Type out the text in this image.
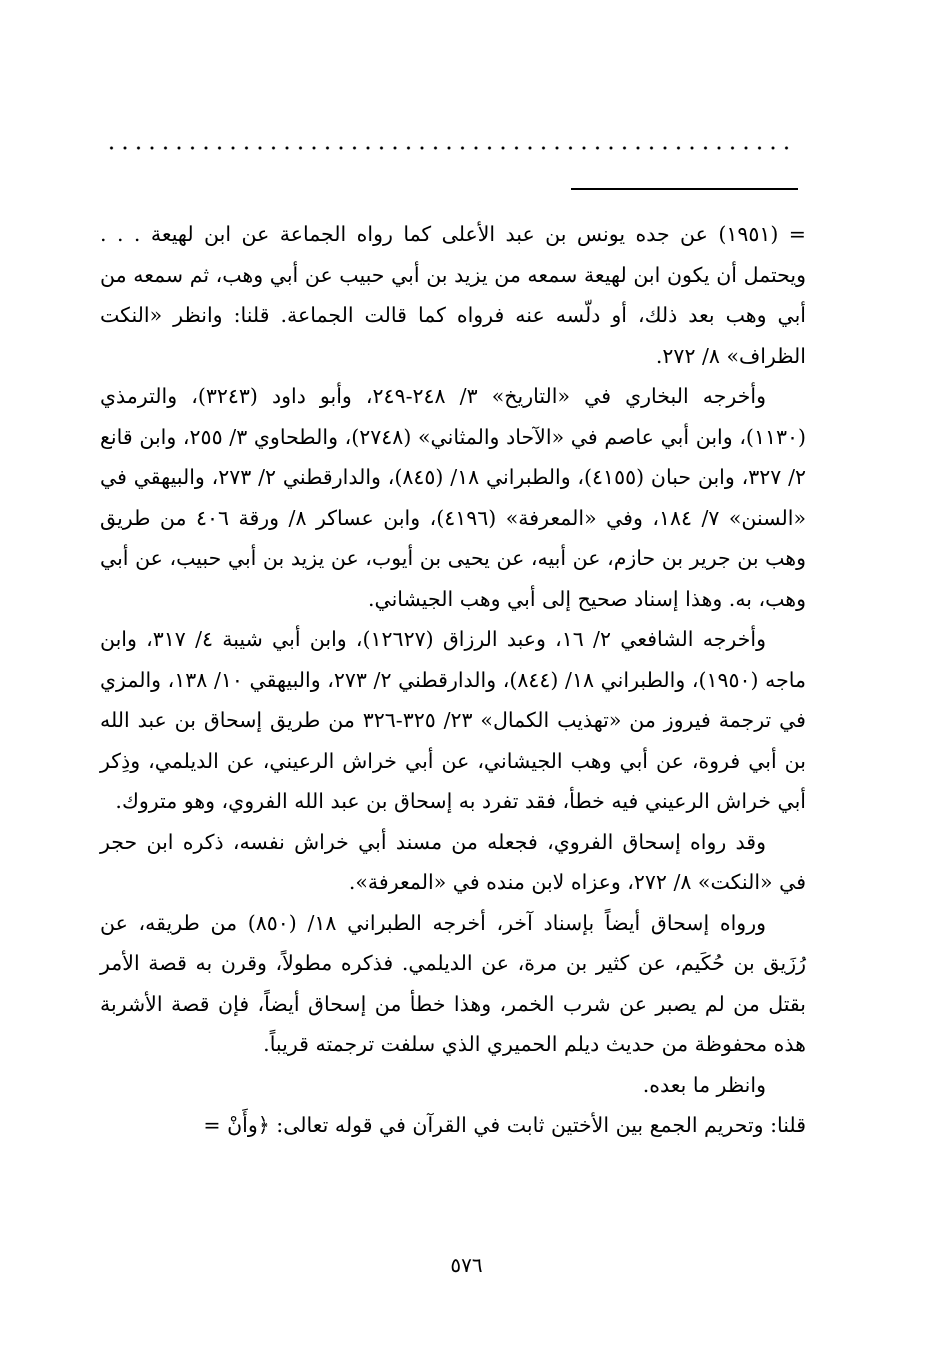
= (١٩٥١) عن جده يونس بن عبد الأعلى كما رواه الجماعة عن ابن لهيعة . . . ويحتمل أن يكون ابن لهيعة سمعه من يزيد بن أبي حبيب عن أبي وهب، ثم سمعه من أبي وهب بعد ذلك، أو دلّسه عنه فرواه كما قالت الجماعة. قلنا: وانظر «النكت الظراف» ٨/ ٢٧٢.

وأخرجه البخاري في «التاريخ» ٣/ ٢٤٨-٢٤٩، وأبو داود (٣٢٤٣)، والترمذي (١١٣٠)، وابن أبي عاصم في «الآحاد والمثاني» (٢٧٤٨)، والطحاوي ٣/ ٢٥٥، وابن قانع ٢/ ٣٢٧، وابن حبان (٤١٥٥)، والطبراني ١٨/ (٨٤٥)، والدارقطني ٢/ ٢٧٣، والبيهقي في «السنن» ٧/ ١٨٤، وفي «المعرفة» (٤١٩٦)، وابن عساكر ٨/ ورقة ٤٠٦ من طريق وهب بن جرير بن حازم، عن أبيه، عن يحيى بن أيوب، عن يزيد بن أبي حبيب، عن أبي وهب، به. وهذا إسناد صحيح إلى أبي وهب الجيشاني.

وأخرجه الشافعي ٢/ ١٦، وعبد الرزاق (١٢٦٢٧)، وابن أبي شيبة ٤/ ٣١٧، وابن ماجه (١٩٥٠)، والطبراني ١٨/ (٨٤٤)، والدارقطني ٢/ ٢٧٣، والبيهقي ١٠/ ١٣٨، والمزي في ترجمة فيروز من «تهذيب الكمال» ٢٣/ ٣٢٥-٣٢٦ من طريق إسحاق بن عبد الله بن أبي فروة، عن أبي وهب الجيشاني، عن أبي خراش الرعيني، عن الديلمي، وذِكر أبي خراش الرعيني فيه خطأ، فقد تفرد به إسحاق بن عبد الله الفروي، وهو متروك.

وقد رواه إسحاق الفروي، فجعله من مسند أبي خراش نفسه، ذكره ابن حجر في «النكت» ٨/ ٢٧٢، وعزاه لابن منده في «المعرفة».

ورواه إسحاق أيضاً بإسناد آخر، أخرجه الطبراني ١٨/ (٨٥٠) من طريقه، عن رُزَيق بن حُكَيم، عن كثير بن مرة، عن الديلمي. فذكره مطولاً، وقرن به قصة الأمر بقتل من لم يصبر عن شرب الخمر، وهذا خطأ من إسحاق أيضاً، فإن قصة الأشربة هذه محفوظة من حديث ديلم الحميري الذي سلفت ترجمته قريباً.

وانظر ما بعده.

قلنا: وتحريم الجمع بين الأختين ثابت في القرآن في قوله تعالى: ﴿وأَنْ =

٥٧٦
